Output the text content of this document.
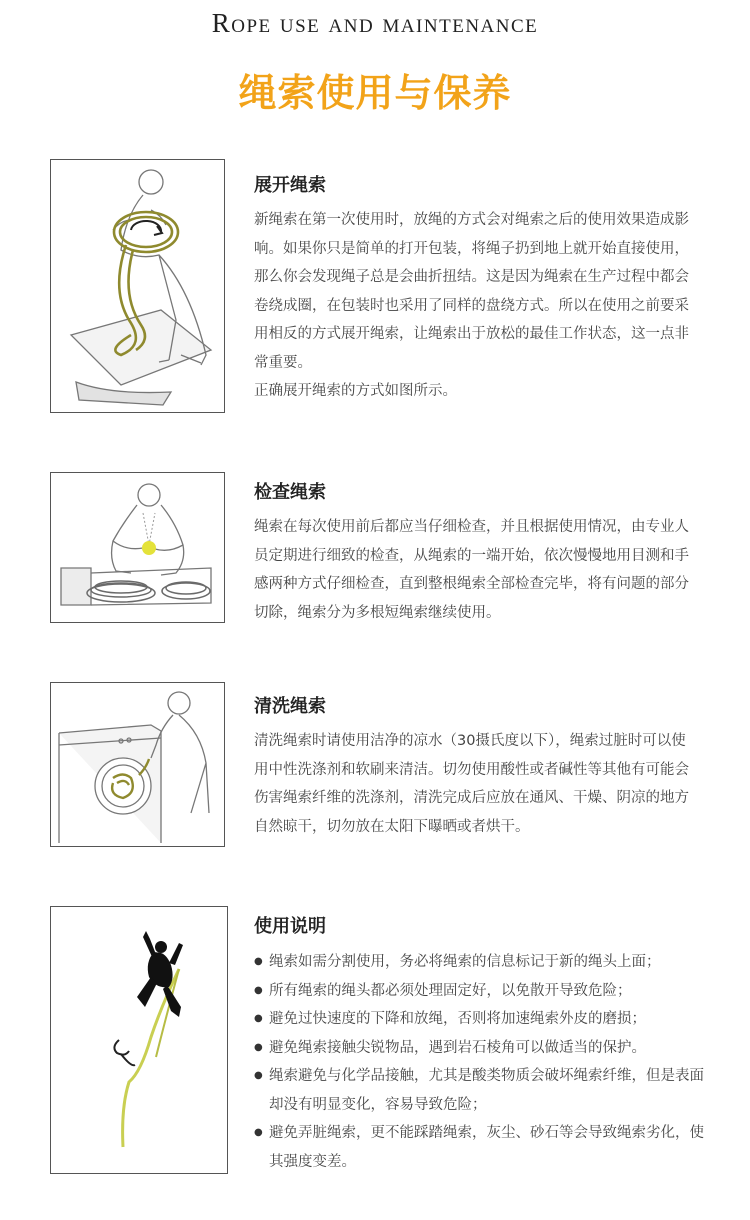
Rope use and maintenance
绳索使用与保养
展开绳索

新绳索在第一次使用时，放绳的方式会对绳索之后的使用效果造成影响。如果你只是简单的打开包装，将绳子扔到地上就开始直接使用，那么你会发现绳子总是会曲折扭结。这是因为绳索在生产过程中都会卷绕成圈，在包装时也采用了同样的盘绕方式。所以在使用之前要采用相反的方式展开绳索，让绳索出于放松的最佳工作状态，这一点非常重要。

正确展开绳索的方式如图所示。

检查绳索

绳索在每次使用前后都应当仔细检查，并且根据使用情况，由专业人员定期进行细致的检查，从绳索的一端开始，依次慢慢地用目测和手感两种方式仔细检查，直到整根绳索全部检查完毕，将有问题的部分切除，绳索分为多根短绳索继续使用。

清洗绳索

清洗绳索时请使用洁净的凉水（30摄氏度以下），绳索过脏时可以使用中性洗涤剂和软刷来清洁。切勿使用酸性或者碱性等其他有可能会伤害绳索纤维的洗涤剂，清洗完成后应放在通风、干燥、阴凉的地方自然晾干，切勿放在太阳下曝晒或者烘干。

使用说明
● 绳索如需分割使用，务必将绳索的信息标记于新的绳头上面；
● 所有绳索的绳头都必须处理固定好，以免散开导致危险；
● 避免过快速度的下降和放绳，否则将加速绳索外皮的磨损；
● 避免绳索接触尖锐物品，遇到岩石棱角可以做适当的保护。
● 绳索避免与化学品接触，尤其是酸类物质会破坏绳索纤维，但是表面却没有明显变化，容易导致危险；
● 避免弄脏绳索，更不能踩踏绳索，灰尘、砂石等会导致绳索劣化，使其强度变差。
